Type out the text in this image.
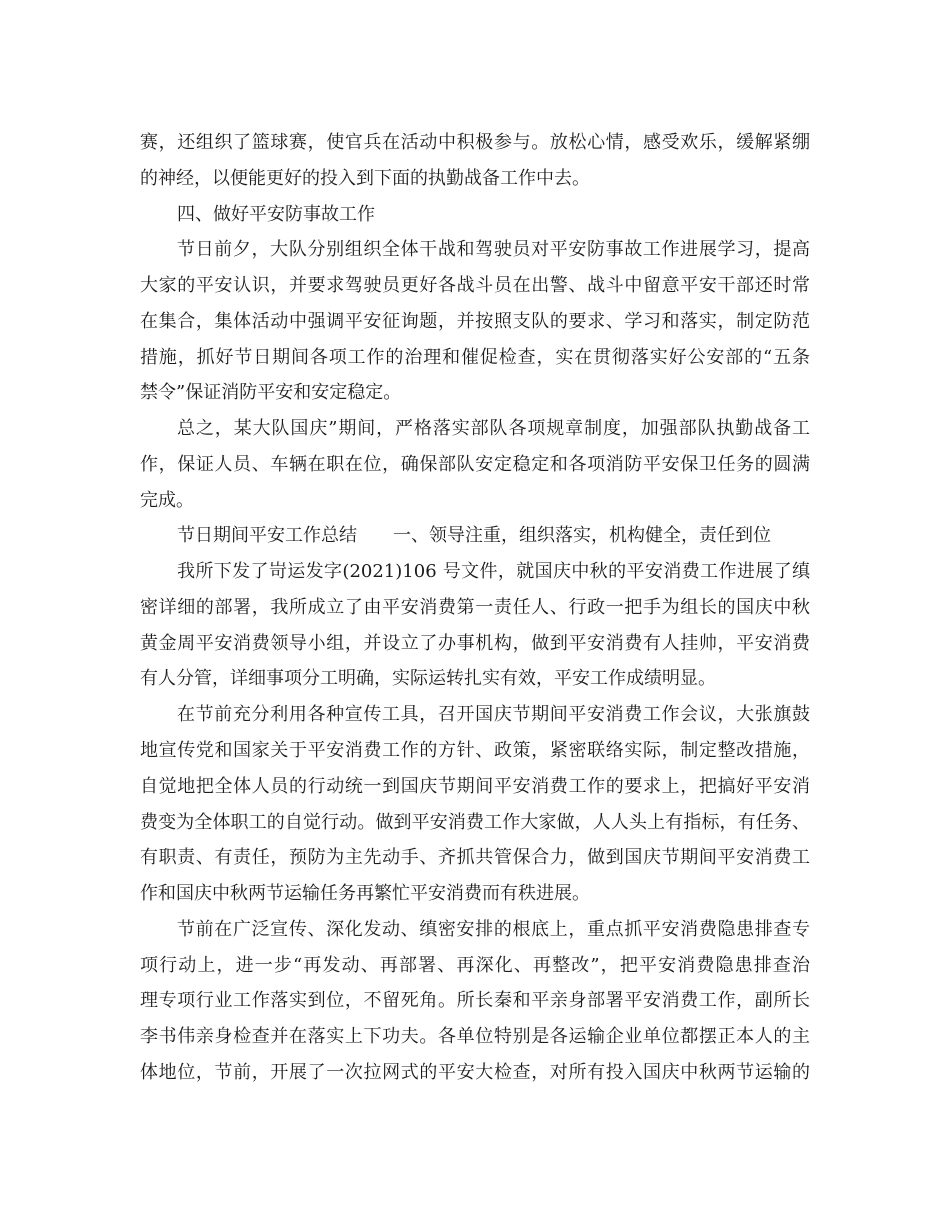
赛，还组织了篮球赛，使官兵在活动中积极参与。放松心情，感受欢乐，缓解紧绷
的神经，以便能更好的投入到下面的执勤战备工作中去。
四、做好平安防事故工作
节日前夕，大队分别组织全体干战和驾驶员对平安防事故工作进展学习，提高
大家的平安认识，并要求驾驶员更好各战斗员在出警、战斗中留意平安干部还时常
在集合，集体活动中强调平安征询题，并按照支队的要求、学习和落实，制定防范
措施，抓好节日期间各项工作的治理和催促检查，实在贯彻落实好公安部的“五条
禁令”保证消防平安和安定稳定。
总之，某大队国庆”期间，严格落实部队各项规章制度，加强部队执勤战备工
作，保证人员、车辆在职在位，确保部队安定稳定和各项消防平安保卫任务的圆满
完成。
节日期间平安工作总结　　一、领导注重，组织落实，机构健全，责任到位
我所下发了岢运发字(2021)106 号文件，就国庆中秋的平安消费工作进展了缜
密详细的部署，我所成立了由平安消费第一责任人、行政一把手为组长的国庆中秋
黄金周平安消费领导小组，并设立了办事机构，做到平安消费有人挂帅，平安消费
有人分管，详细事项分工明确，实际运转扎实有效，平安工作成绩明显。
在节前充分利用各种宣传工具，召开国庆节期间平安消费工作会议，大张旗鼓
地宣传党和国家关于平安消费工作的方针、政策，紧密联络实际，制定整改措施，
自觉地把全体人员的行动统一到国庆节期间平安消费工作的要求上，把搞好平安消
费变为全体职工的自觉行动。做到平安消费工作大家做，人人头上有指标，有任务、
有职责、有责任，预防为主先动手、齐抓共管保合力，做到国庆节期间平安消费工
作和国庆中秋两节运输任务再繁忙平安消费而有秩进展。
节前在广泛宣传、深化发动、缜密安排的根底上，重点抓平安消费隐患排查专
项行动上，进一步“再发动、再部署、再深化、再整改”，把平安消费隐患排查治
理专项行业工作落实到位，不留死角。所长秦和平亲身部署平安消费工作，副所长
李书伟亲身检查并在落实上下功夫。各单位特别是各运输企业单位都摆正本人的主
体地位，节前，开展了一次拉网式的平安大检查，对所有投入国庆中秋两节运输的
